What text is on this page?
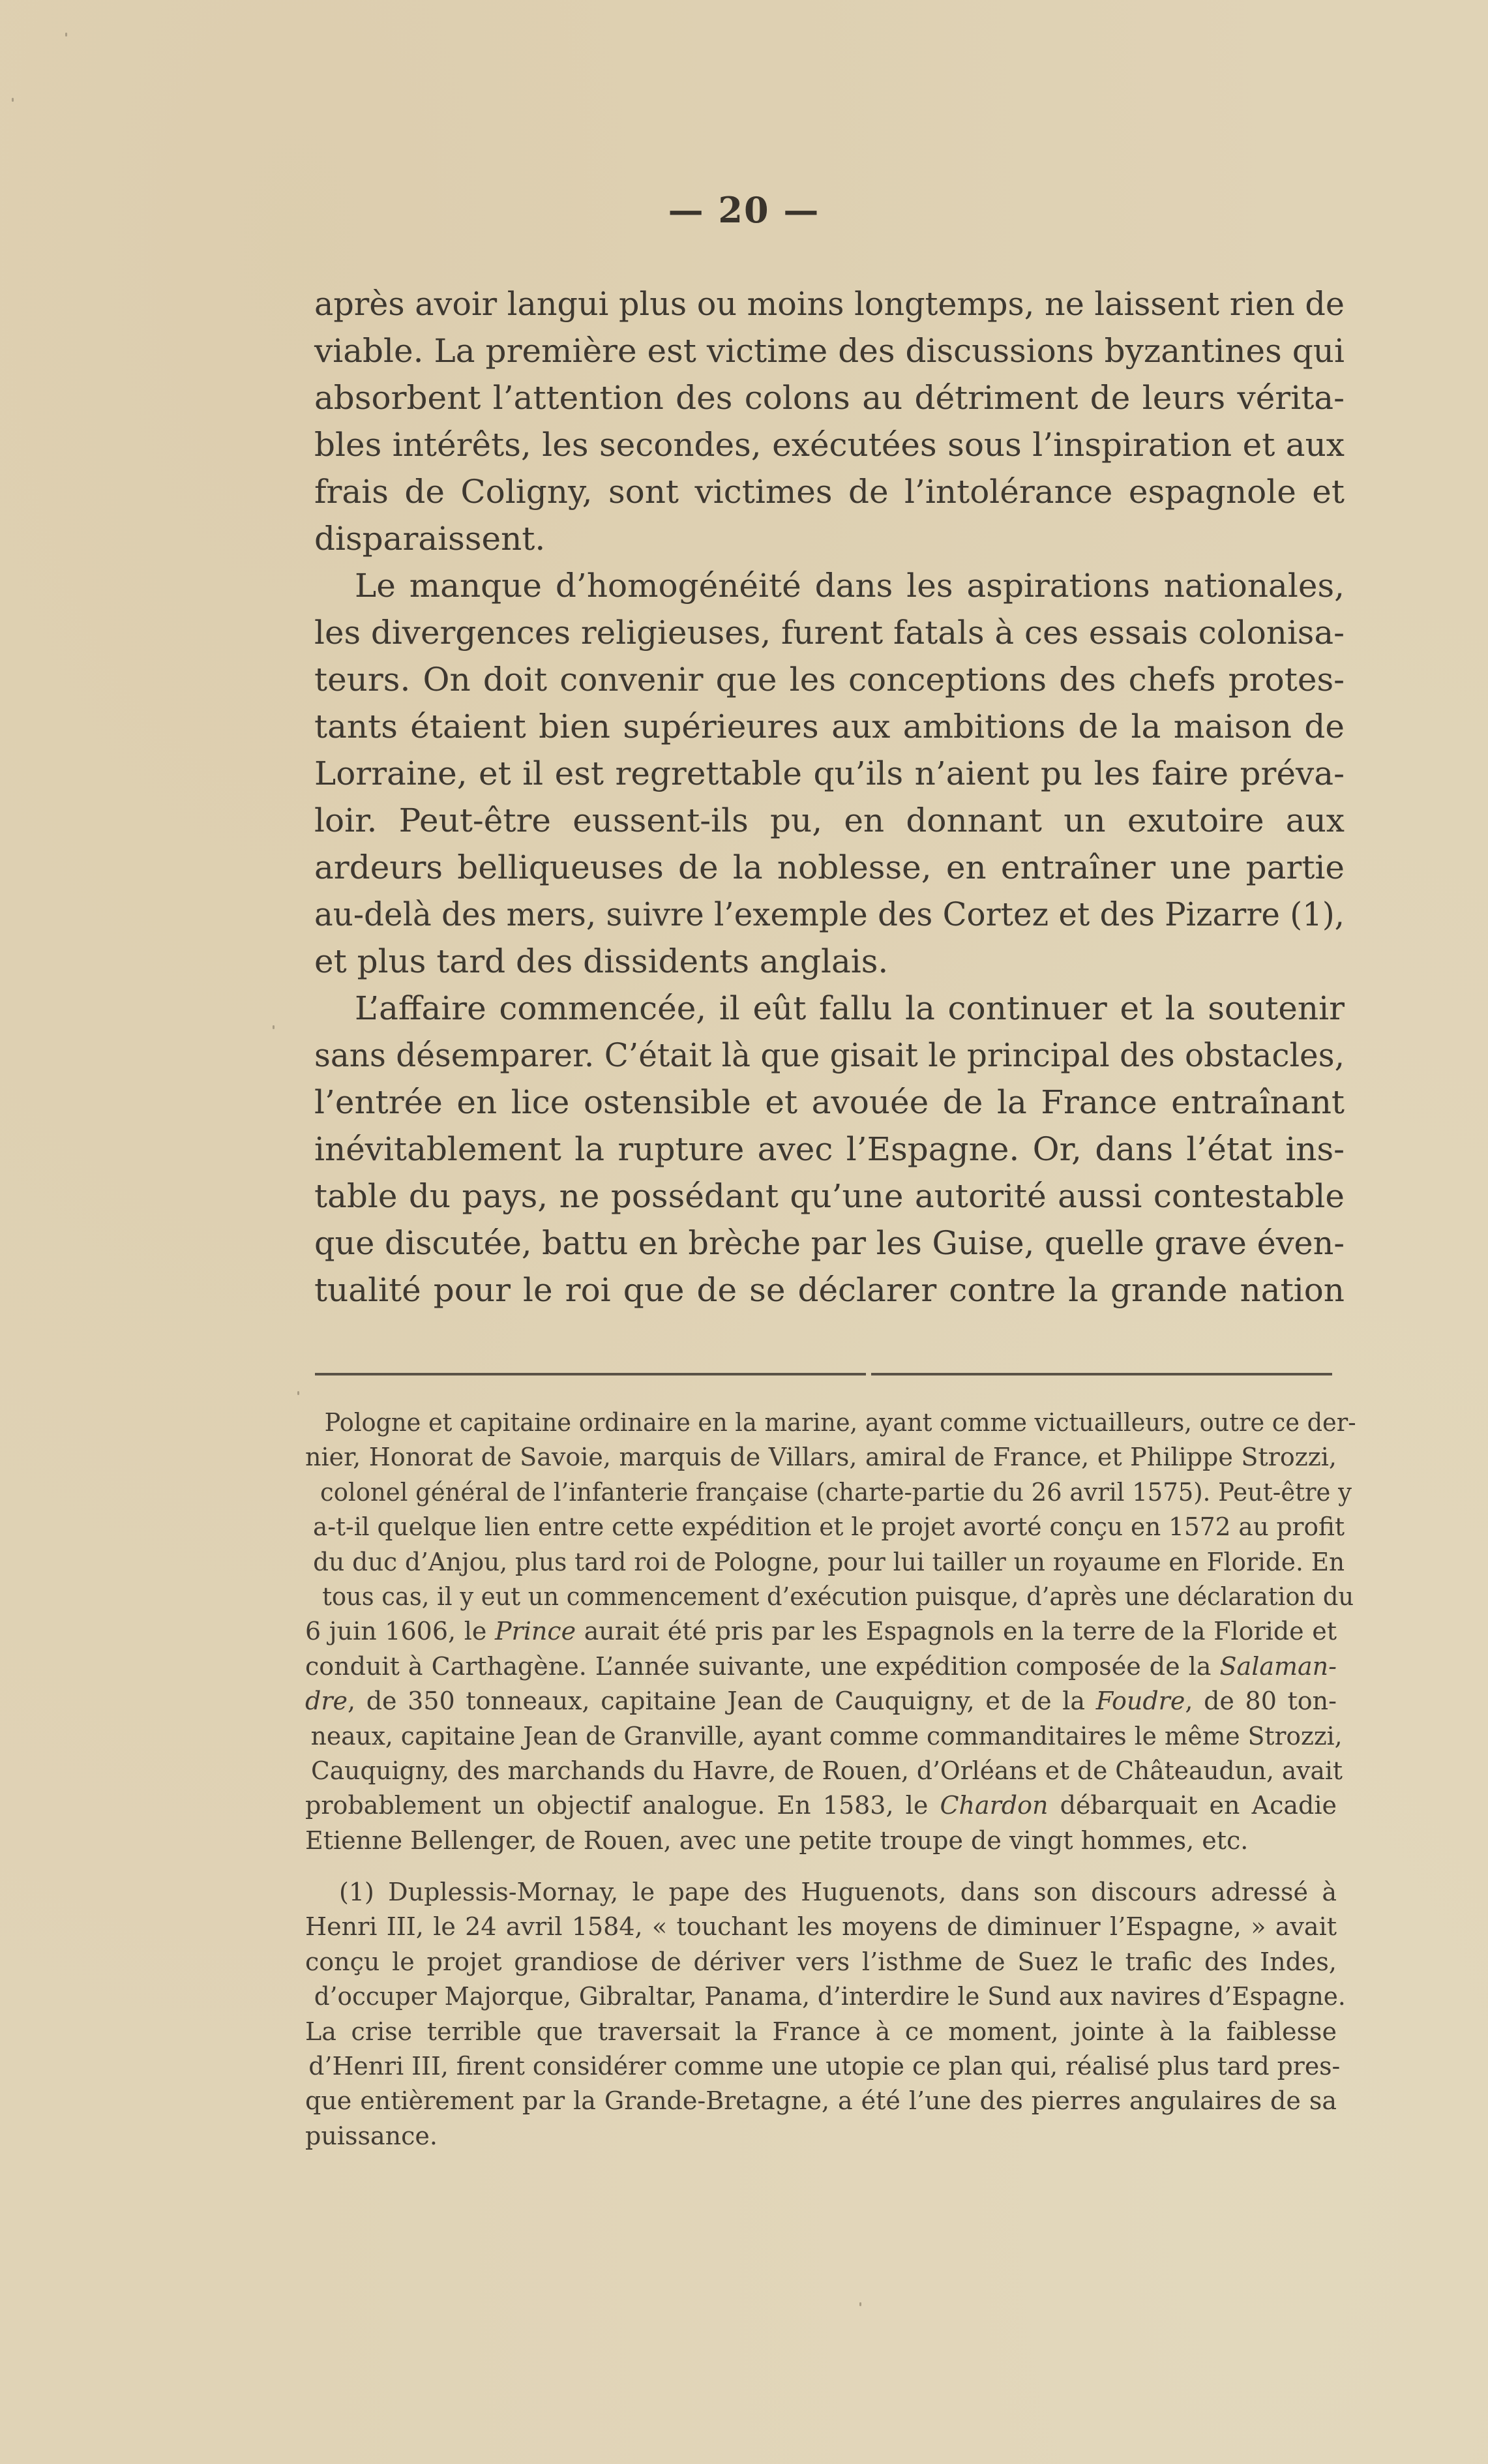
— 20 —
après avoir langui plus ou moins longtemps, ne laissent rien de
viable. La première est victime des discussions byzantines qui
absorbent l’attention des colons au détriment de leurs vérita-
bles intérêts, les secondes, exécutées sous l’inspiration et aux
frais de Coligny, sont victimes de l’intolérance espagnole et
disparaissent.
Le manque d’homogénéité dans les aspirations nationales,
les divergences religieuses, furent fatals à ces essais colonisa-
teurs. On doit convenir que les conceptions des chefs protes-
tants étaient bien supérieures aux ambitions de la maison de
Lorraine, et il est regrettable qu’ils n’aient pu les faire préva-
loir. Peut-être eussent-ils pu, en donnant un exutoire aux
ardeurs belliqueuses de la noblesse, en entraîner une partie
au-delà des mers, suivre l’exemple des Cortez et des Pizarre (1),
et plus tard des dissidents anglais.
L’affaire commencée, il eût fallu la continuer et la soutenir
sans désemparer. C’était là que gisait le principal des obstacles,
l’entrée en lice ostensible et avouée de la France entraînant
inévitablement la rupture avec l’Espagne. Or, dans l’état ins-
table du pays, ne possédant qu’une autorité aussi contestable
que discutée, battu en brèche par les Guise, quelle grave éven-
tualité pour le roi que de se déclarer contre la grande nation
Pologne et capitaine ordinaire en la marine, ayant comme victuailleurs, outre ce der-
nier, Honorat de Savoie, marquis de Villars, amiral de France, et Philippe Strozzi,
colonel général de l’infanterie française (charte-partie du 26 avril 1575). Peut-être y
a-t-il quelque lien entre cette expédition et le projet avorté conçu en 1572 au profit
du duc d’Anjou, plus tard roi de Pologne, pour lui tailler un royaume en Floride. En
tous cas, il y eut un commencement d’exécution puisque, d’après une déclaration du
6 juin 1606, le Prince aurait été pris par les Espagnols en la terre de la Floride et
conduit à Carthagène. L’année suivante, une expédition composée de la Salaman-
dre, de 350 tonneaux, capitaine Jean de Cauquigny, et de la Foudre, de 80 ton-
neaux, capitaine Jean de Granville, ayant comme commanditaires le même Strozzi,
Cauquigny, des marchands du Havre, de Rouen, d’Orléans et de Châteaudun, avait
probablement un objectif analogue. En 1583, le Chardon débarquait en Acadie
Etienne Bellenger, de Rouen, avec une petite troupe de vingt hommes, etc.
(1) Duplessis-Mornay, le pape des Huguenots, dans son discours adressé à
Henri III, le 24 avril 1584, « touchant les moyens de diminuer l’Espagne, » avait
conçu le projet grandiose de dériver vers l’isthme de Suez le trafic des Indes,
d’occuper Majorque, Gibraltar, Panama, d’interdire le Sund aux navires d’Espagne.
La crise terrible que traversait la France à ce moment, jointe à la faiblesse
d’Henri III, firent considérer comme une utopie ce plan qui, réalisé plus tard pres-
que entièrement par la Grande-Bretagne, a été l’une des pierres angulaires de sa
puissance.
